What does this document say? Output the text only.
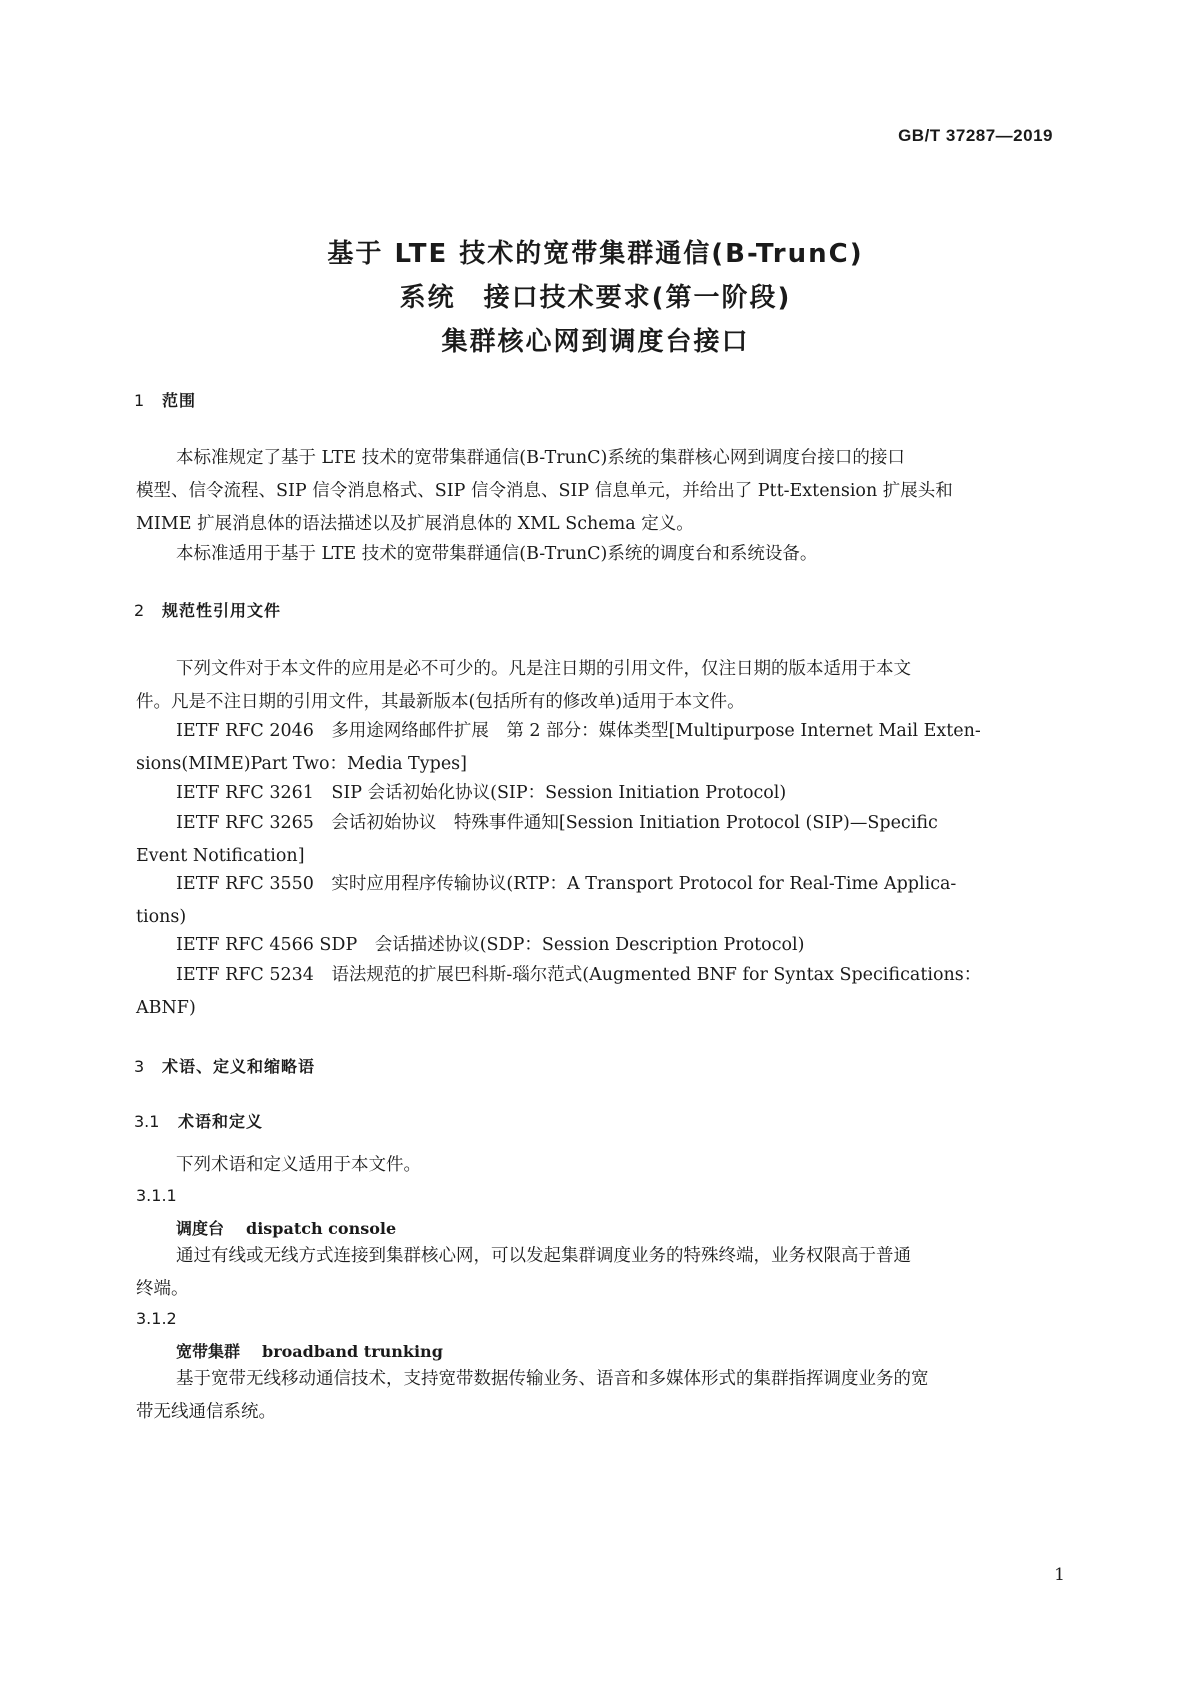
GB/T 37287—2019
基于 LTE 技术的宽带集群通信(B-TrunC)
系统　接口技术要求(第一阶段)
集群核心网到调度台接口
1 范围
本标准规定了基于 LTE 技术的宽带集群通信(B-TrunC)系统的集群核心网到调度台接口的接口
模型、信令流程、SIP 信令消息格式、SIP 信令消息、SIP 信息单元，并给出了 Ptt-Extension 扩展头和
MIME 扩展消息体的语法描述以及扩展消息体的 XML Schema 定义。
本标准适用于基于 LTE 技术的宽带集群通信(B-TrunC)系统的调度台和系统设备。
2 规范性引用文件
下列文件对于本文件的应用是必不可少的。凡是注日期的引用文件，仅注日期的版本适用于本文
件。凡是不注日期的引用文件，其最新版本(包括所有的修改单)适用于本文件。
IETF RFC 2046　多用途网络邮件扩展　第 2 部分：媒体类型[Multipurpose Internet Mail Exten-
sions(MIME)Part Two：Media Types]
IETF RFC 3261　SIP 会话初始化协议(SIP：Session Initiation Protocol)
IETF RFC 3265　会话初始协议　特殊事件通知[Session Initiation Protocol (SIP)—Specific
Event Notification]
IETF RFC 3550　实时应用程序传输协议(RTP：A Transport Protocol for Real-Time Applica-
tions)
IETF RFC 4566 SDP　会话描述协议(SDP：Session Description Protocol)
IETF RFC 5234　语法规范的扩展巴科斯-瑙尔范式(Augmented BNF for Syntax Specifications：
ABNF)
3 术语、定义和缩略语
3.1 术语和定义
下列术语和定义适用于本文件。
3.1.1
调度台 dispatch console
通过有线或无线方式连接到集群核心网，可以发起集群调度业务的特殊终端，业务权限高于普通
终端。
3.1.2
宽带集群 broadband trunking
基于宽带无线移动通信技术，支持宽带数据传输业务、语音和多媒体形式的集群指挥调度业务的宽
带无线通信系统。
1
